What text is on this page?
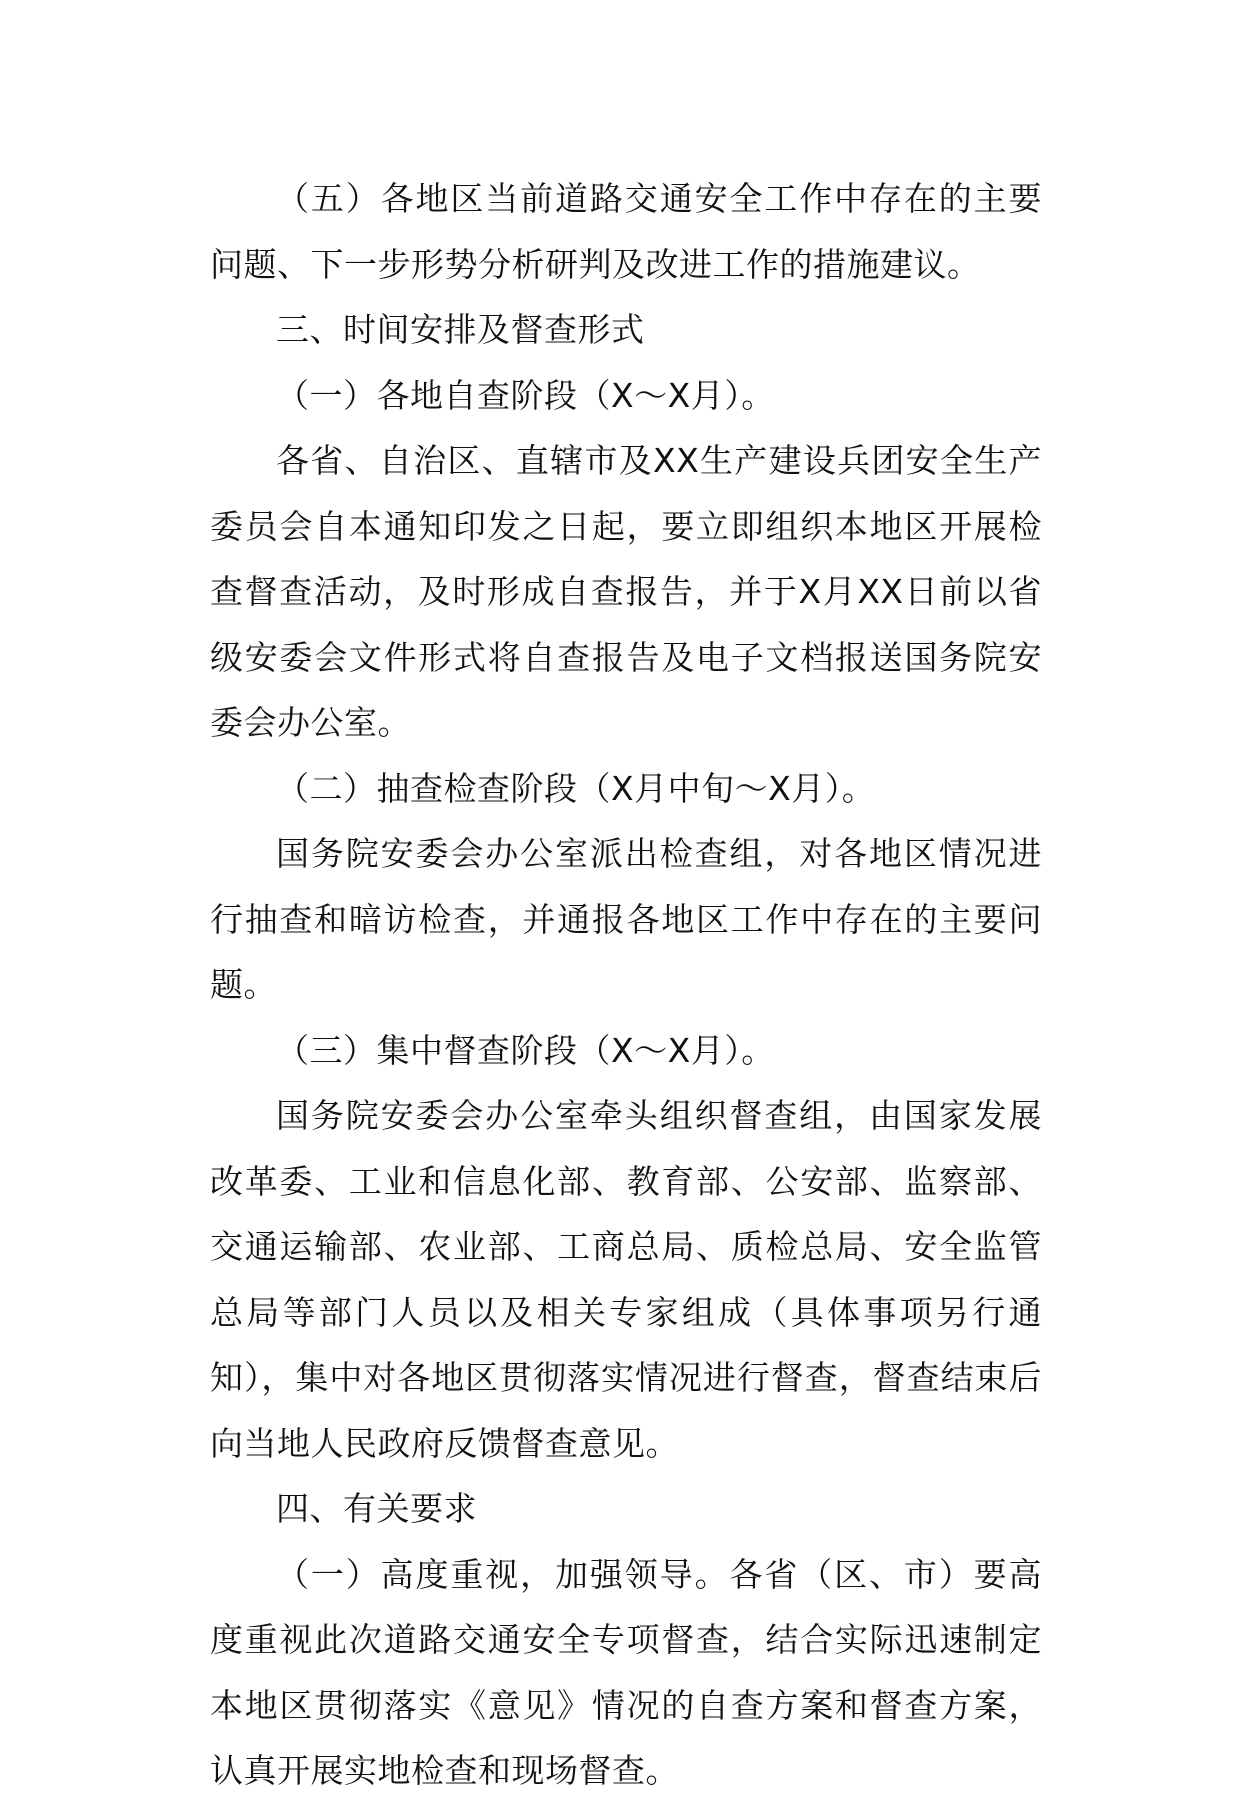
（五）各地区当前道路交通安全工作中存在的主要问题、下一步形势分析研判及改进工作的措施建议。

三、时间安排及督查形式

（一）各地自查阶段（X～X月）。

各省、自治区、直辖市及XX生产建设兵团安全生产委员会自本通知印发之日起，要立即组织本地区开展检查督查活动，及时形成自查报告，并于X月XX日前以省级安委会文件形式将自查报告及电子文档报送国务院安委会办公室。

（二）抽查检查阶段（X月中旬～X月）。

国务院安委会办公室派出检查组，对各地区情况进行抽查和暗访检查，并通报各地区工作中存在的主要问题。

（三）集中督查阶段（X～X月）。

国务院安委会办公室牵头组织督查组，由国家发展改革委、工业和信息化部、教育部、公安部、监察部、交通运输部、农业部、工商总局、质检总局、安全监管总局等部门人员以及相关专家组成（具体事项另行通知），集中对各地区贯彻落实情况进行督查，督查结束后向当地人民政府反馈督查意见。

四、有关要求

（一）高度重视，加强领导。各省（区、市）要高度重视此次道路交通安全专项督查，结合实际迅速制定本地区贯彻落实《意见》情况的自查方案和督查方案，认真开展实地检查和现场督查。
